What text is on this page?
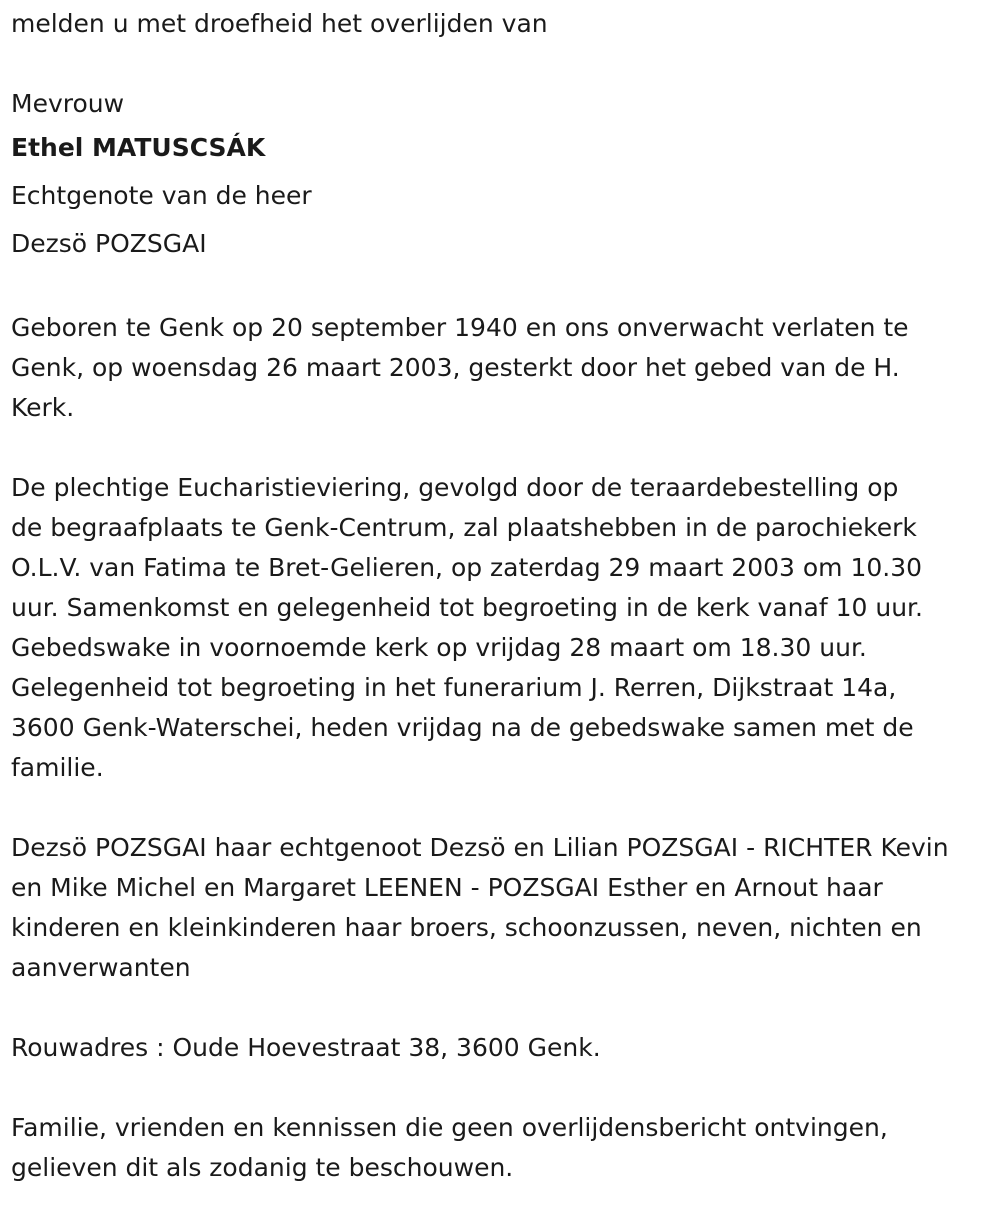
melden u met droefheid het overlijden van

Mevrouw

Ethel MATUSCSÁK

Echtgenote van de heer

Dezsö POZSGAI

Geboren te Genk op 20 september 1940 en ons onverwacht verlaten te

Genk, op woensdag 26 maart 2003, gesterkt door het gebed van de H.

Kerk.

De plechtige Eucharistieviering, gevolgd door de teraardebestelling op

de begraafplaats te Genk-Centrum, zal plaatshebben in de parochiekerk

O.L.V. van Fatima te Bret-Gelieren, op zaterdag 29 maart 2003 om 10.30

uur. Samenkomst en gelegenheid tot begroeting in de kerk vanaf 10 uur.

Gebedswake in voornoemde kerk op vrijdag 28 maart om 18.30 uur.

Gelegenheid tot begroeting in het funerarium J. Rerren, Dijkstraat 14a,

3600 Genk-Waterschei, heden vrijdag na de gebedswake samen met de

familie.

Dezsö POZSGAI haar echtgenoot Dezsö en Lilian POZSGAI - RICHTER Kevin

en Mike Michel en Margaret LEENEN - POZSGAI Esther en Arnout haar

kinderen en kleinkinderen haar broers, schoonzussen, neven, nichten en

aanverwanten

Rouwadres : Oude Hoevestraat 38, 3600 Genk.

Familie, vrienden en kennissen die geen overlijdensbericht ontvingen,

gelieven dit als zodanig te beschouwen.
